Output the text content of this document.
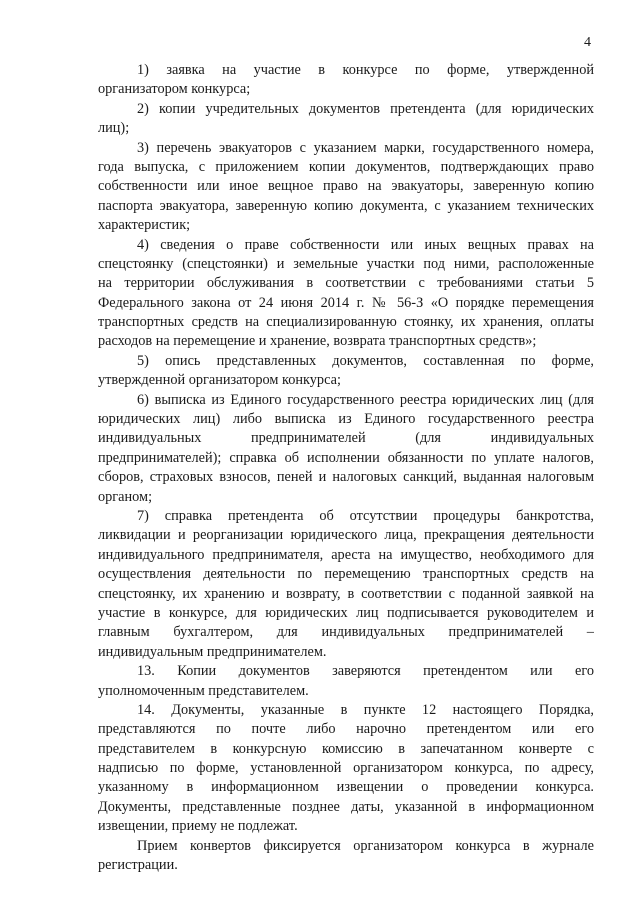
4
1) заявка на участие в конкурсе по форме, утвержденной
организатором конкурса;
2) копии учредительных документов претендента (для юридических
лиц);
3) перечень эвакуаторов с указанием марки, государственного номера,
года выпуска, с приложением копии документов, подтверждающих право
собственности или иное вещное право на эвакуаторы, заверенную копию
паспорта эвакуатора, заверенную копию документа, с указанием технических
характеристик;
4) сведения о праве собственности или иных вещных правах на
спецстоянку (спецстоянки) и земельные участки под ними, расположенные
на территории обслуживания в соответствии с требованиями статьи 5
Федерального закона от 24 июня 2014 г. № 56-З «О порядке перемещения
транспортных средств на специализированную стоянку, их хранения, оплаты
расходов на перемещение и хранение, возврата транспортных средств»;
5) опись представленных документов, составленная по форме,
утвержденной организатором конкурса;
6) выписка из Единого государственного реестра юридических лиц (для
юридических лиц) либо выписка из Единого государственного реестра
индивидуальных предпринимателей (для индивидуальных
предпринимателей); справка об исполнении обязанности по уплате налогов,
сборов, страховых взносов, пеней и налоговых санкций, выданная налоговым
органом;
7) справка претендента об отсутствии процедуры банкротства,
ликвидации и реорганизации юридического лица, прекращения деятельности
индивидуального предпринимателя, ареста на имущество, необходимого для
осуществления деятельности по перемещению транспортных средств на
спецстоянку, их хранению и возврату, в соответствии с поданной заявкой на
участие в конкурсе, для юридических лиц подписывается руководителем и
главным бухгалтером, для индивидуальных предпринимателей –
индивидуальным предпринимателем.
13. Копии документов заверяются претендентом или его
уполномоченным представителем.
14. Документы, указанные в пункте 12 настоящего Порядка,
представляются по почте либо нарочно претендентом или его
представителем в конкурсную комиссию в запечатанном конверте с
надписью по форме, установленной организатором конкурса, по адресу,
указанному в информационном извещении о проведении конкурса.
Документы, представленные позднее даты, указанной в информационном
извещении, приему не подлежат.
Прием конвертов фиксируется организатором конкурса в журнале
регистрации.
